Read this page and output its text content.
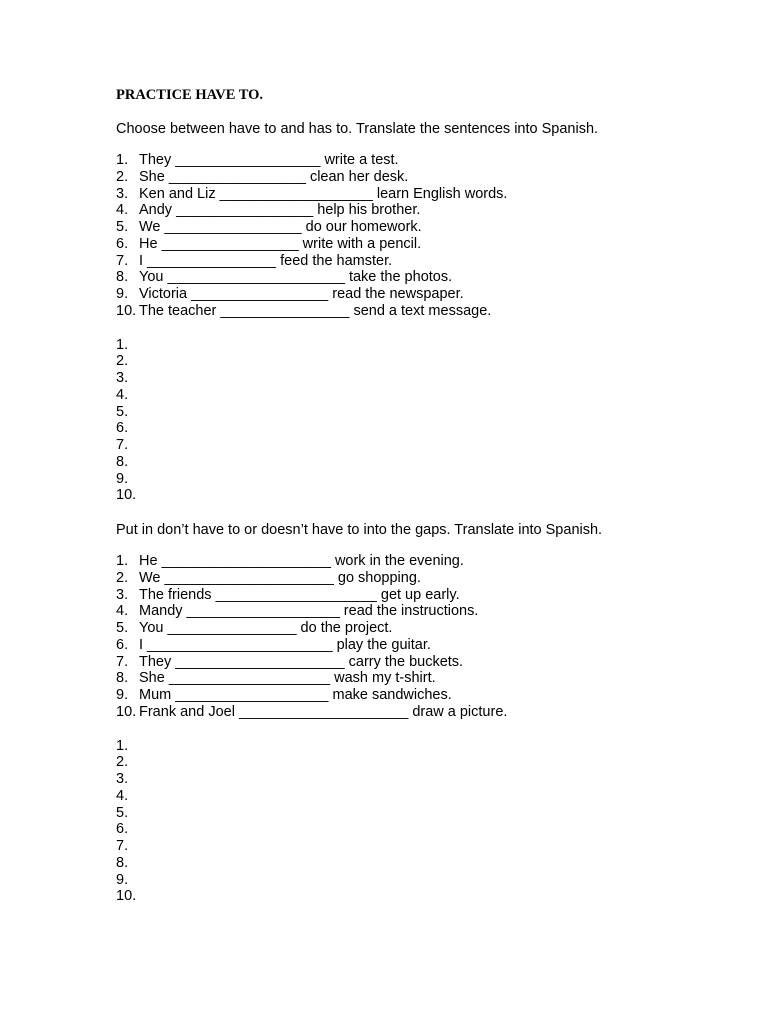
PRACTICE HAVE TO.

Choose between have to and has to. Translate the sentences into Spanish.

1. They __________________ write a test.
2. She _________________ clean her desk.
3. Ken and Liz ___________________ learn English words.
4. Andy _________________ help his brother.
5. We _________________ do our homework.
6. He _________________ write with a pencil.
7. I ________________ feed the hamster.
8. You ______________________ take the photos.
9. Victoria _________________ read the newspaper.
10. The teacher ________________ send a text message.
1.
2.
3.
4.
5.
6.
7.
8.
9.
10.

Put in don’t have to or doesn’t have to into the gaps. Translate into Spanish.

1. He _____________________ work in the evening.
2. We _____________________ go shopping.
3. The friends ____________________ get up early.
4. Mandy ___________________ read the instructions.
5. You ________________ do the project.
6. I _______________________ play the guitar.
7. They _____________________ carry the buckets.
8. She ____________________ wash my t-shirt.
9. Mum ___________________ make sandwiches.
10. Frank and Joel _____________________ draw a picture.
1.
2.
3.
4.
5.
6.
7.
8.
9.
10.
